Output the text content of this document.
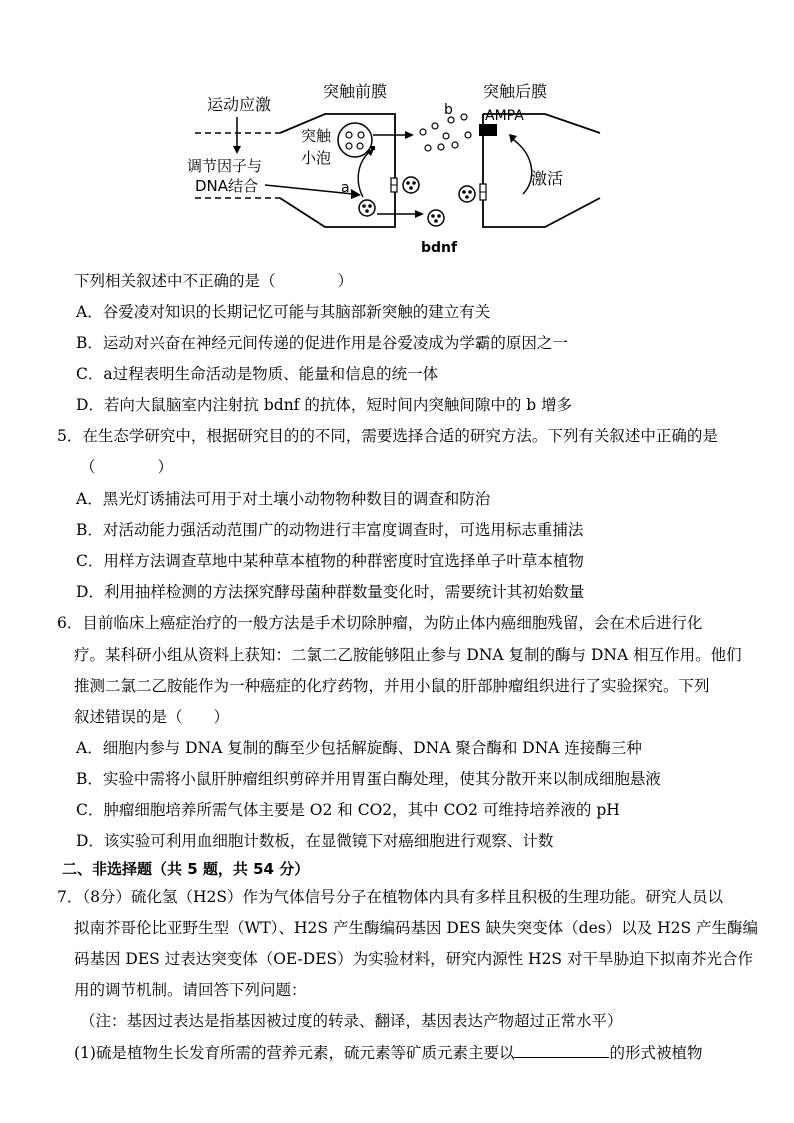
运动应激
调节因子与
DNA结合
突触前膜	突触后膜
突触
小泡
a
b AMPA
激活
bdnf
下列相关叙述中不正确的是（　　　　）
A．谷爱凌对知识的长期记忆可能与其脑部新突触的建立有关
B．运动对兴奋在神经元间传递的促进作用是谷爱凌成为学霸的原因之一
C．a过程表明生命活动是物质、能量和信息的统一体
D．若向大鼠脑室内注射抗 bdnf 的抗体，短时间内突触间隙中的 b 增多
5．在生态学研究中，根据研究目的的不同，需要选择合适的研究方法。下列有关叙述中正确的是
（　　　　）
A．黑光灯诱捕法可用于对土壤小动物物种数目的调查和防治
B．对活动能力强活动范围广的动物进行丰富度调查时，可选用标志重捕法
C．用样方法调查草地中某种草本植物的种群密度时宜选择单子叶草本植物
D．利用抽样检测的方法探究酵母菌种群数量变化时，需要统计其初始数量
6．目前临床上癌症治疗的一般方法是手术切除肿瘤，为防止体内癌细胞残留，会在术后进行化
疗。某科研小组从资料上获知：二氯二乙胺能够阻止参与 DNA 复制的酶与 DNA 相互作用。他们
推测二氯二乙胺能作为一种癌症的化疗药物，并用小鼠的肝部肿瘤组织进行了实验探究。下列
叙述错误的是（　　）
A．细胞内参与 DNA 复制的酶至少包括解旋酶、DNA 聚合酶和 DNA 连接酶三种
B．实验中需将小鼠肝肿瘤组织剪碎并用胃蛋白酶处理，使其分散开来以制成细胞悬液
C．肿瘤细胞培养所需气体主要是 O2 和 CO2，其中 CO2 可维持培养液的 pH
D．该实验可利用血细胞计数板，在显微镜下对癌细胞进行观察、计数
二、非选择题（共 5 题，共 54 分）
7．（8分）硫化氢（H2S）作为气体信号分子在植物体内具有多样且积极的生理功能。研究人员以
拟南芥哥伦比亚野生型（WT）、H2S 产生酶编码基因 DES 缺失突变体（des）以及 H2S 产生酶编
码基因 DES 过表达突变体（OE-DES）为实验材料，研究内源性 H2S 对干旱胁迫下拟南芥光合作
用的调节机制。请回答下列问题：
（注：基因过表达是指基因被过度的转录、翻译，基因表达产物超过正常水平）
(1)硫是植物生长发育所需的营养元素，硫元素等矿质元素主要以	的形式被植物
